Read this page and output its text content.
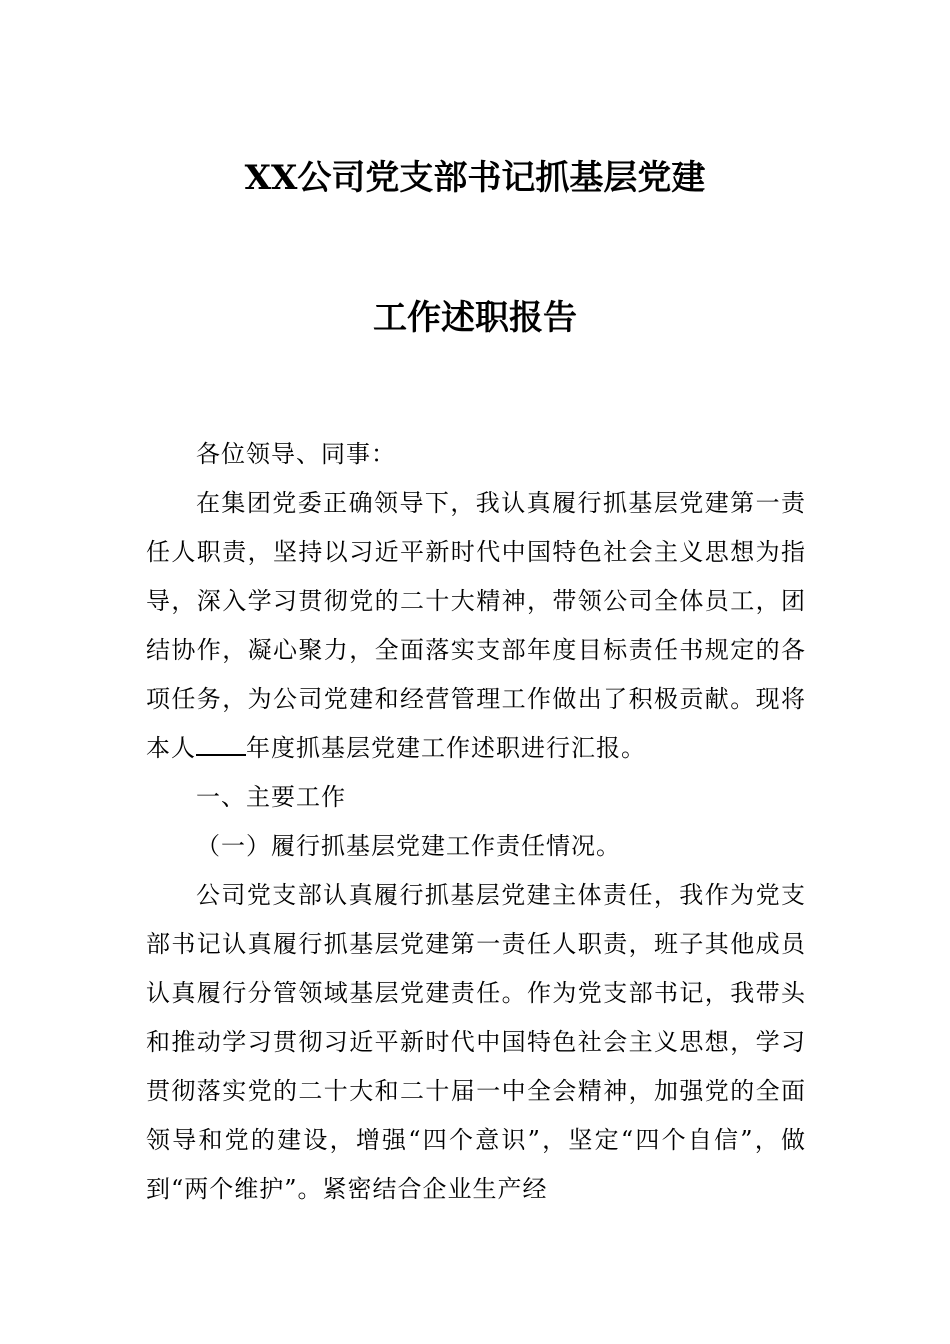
XX公司党支部书记抓基层党建
工作述职报告

各位领导、同事：

在集团党委正确领导下，我认真履行抓基层党建第一责任人职责，坚持以习近平新时代中国特色社会主义思想为指导，深入学习贯彻党的二十大精神，带领公司全体员工，团结协作，凝心聚力，全面落实支部年度目标责任书规定的各项任务，为公司党建和经营管理工作做出了积极贡献。现将本人 年度抓基层党建工作述职进行汇报。

一、主要工作

（一）履行抓基层党建工作责任情况。

公司党支部认真履行抓基层党建主体责任，我作为党支部书记认真履行抓基层党建第一责任人职责，班子其他成员认真履行分管领域基层党建责任。作为党支部书记，我带头和推动学习贯彻习近平新时代中国特色社会主义思想，学习贯彻落实党的二十大和二十届一中全会精神，加强党的全面领导和党的建设，增强“四个意识”，坚定“四个自信”，做到“两个维护”。紧密结合企业生产经
